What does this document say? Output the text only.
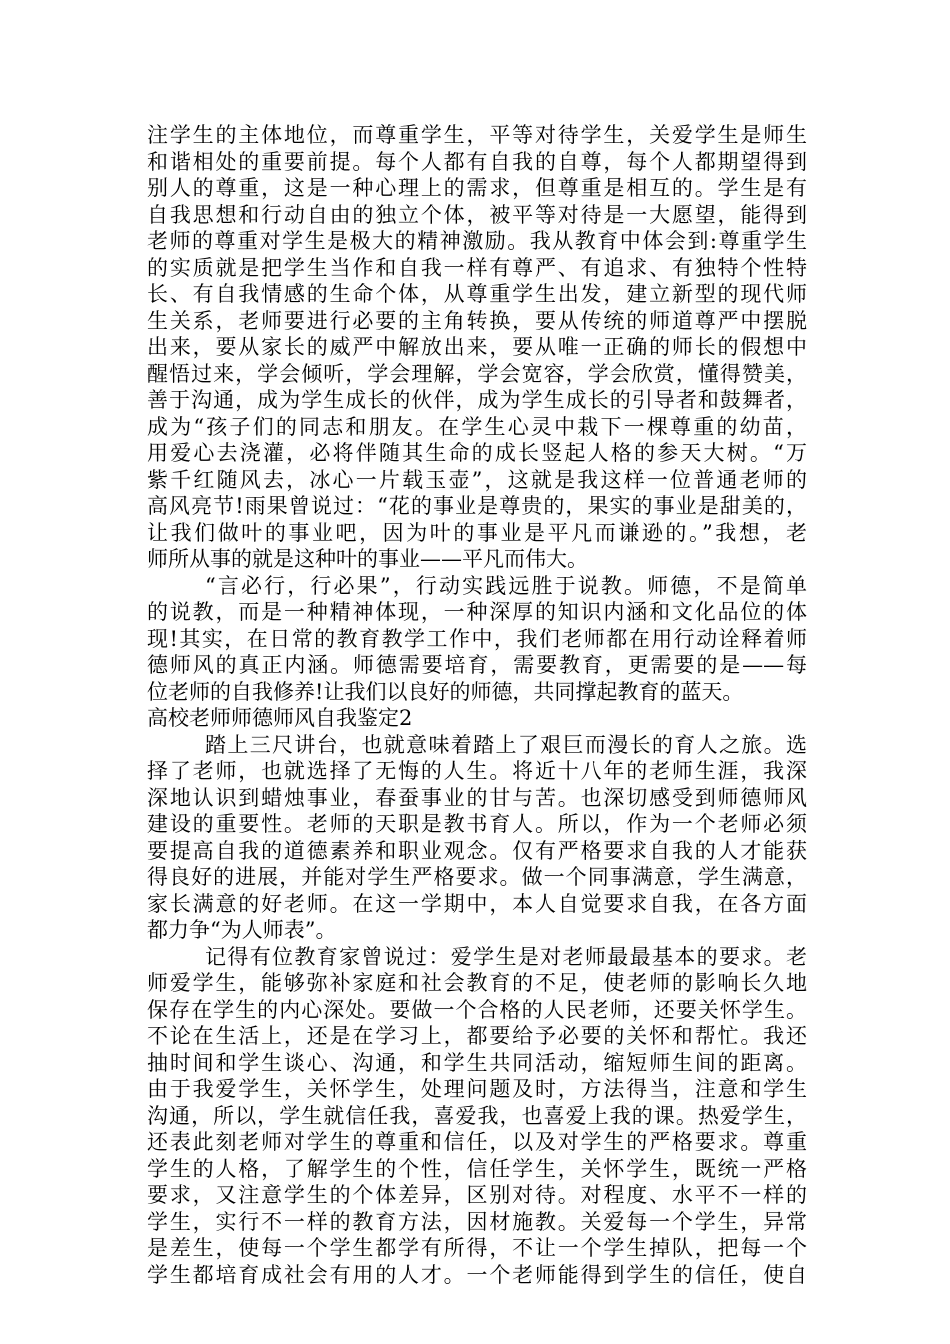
注学生的主体地位，而尊重学生，平等对待学生，关爱学生是师生
和谐相处的重要前提。每个人都有自我的自尊，每个人都期望得到
别人的尊重，这是一种心理上的需求，但尊重是相互的。学生是有
自我思想和行动自由的独立个体，被平等对待是一大愿望，能得到
老师的尊重对学生是极大的精神激励。我从教育中体会到:尊重学生
的实质就是把学生当作和自我一样有尊严、有追求、有独特个性特
长、有自我情感的生命个体，从尊重学生出发，建立新型的现代师
生关系，老师要进行必要的主角转换，要从传统的师道尊严中摆脱
出来，要从家长的威严中解放出来，要从唯一正确的师长的假想中
醒悟过来，学会倾听，学会理解，学会宽容，学会欣赏，懂得赞美，
善于沟通，成为学生成长的伙伴，成为学生成长的引导者和鼓舞者，
成为“孩子们的同志和朋友。在学生心灵中栽下一棵尊重的幼苗，
用爱心去浇灌，必将伴随其生命的成长竖起人格的参天大树。“万
紫千红随风去，冰心一片载玉壶”，这就是我这样一位普通老师的
高风亮节!雨果曾说过：“花的事业是尊贵的，果实的事业是甜美的，
让我们做叶的事业吧，因为叶的事业是平凡而谦逊的。”我想，老
师所从事的就是这种叶的事业——平凡而伟大。
“言必行，行必果”，行动实践远胜于说教。师德，不是简单
的说教，而是一种精神体现，一种深厚的知识内涵和文化品位的体
现!其实，在日常的教育教学工作中，我们老师都在用行动诠释着师
德师风的真正内涵。师德需要培育，需要教育，更需要的是——每
位老师的自我修养!让我们以良好的师德，共同撑起教育的蓝天。
高校老师师德师风自我鉴定2
踏上三尺讲台，也就意味着踏上了艰巨而漫长的育人之旅。选
择了老师，也就选择了无悔的人生。将近十八年的老师生涯，我深
深地认识到蜡烛事业，春蚕事业的甘与苦。也深切感受到师德师风
建设的重要性。老师的天职是教书育人。所以，作为一个老师必须
要提高自我的道德素养和职业观念。仅有严格要求自我的人才能获
得良好的进展，并能对学生严格要求。做一个同事满意，学生满意，
家长满意的好老师。在这一学期中，本人自觉要求自我，在各方面
都力争“为人师表”。
记得有位教育家曾说过：爱学生是对老师最最基本的要求。老
师爱学生，能够弥补家庭和社会教育的不足，使老师的影响长久地
保存在学生的内心深处。要做一个合格的人民老师，还要关怀学生。
不论在生活上，还是在学习上，都要给予必要的关怀和帮忙。我还
抽时间和学生谈心、沟通，和学生共同活动，缩短师生间的距离。
由于我爱学生，关怀学生，处理问题及时，方法得当，注意和学生
沟通，所以，学生就信任我，喜爱我，也喜爱上我的课。热爱学生，
还表此刻老师对学生的尊重和信任，以及对学生的严格要求。尊重
学生的人格，了解学生的个性，信任学生，关怀学生，既统一严格
要求，又注意学生的个体差异，区别对待。对程度、水平不一样的
学生，实行不一样的教育方法，因材施教。关爱每一个学生，异常
是差生，使每一个学生都学有所得，不让一个学生掉队，把每一个
学生都培育成社会有用的人才。一个老师能得到学生的信任，使自
